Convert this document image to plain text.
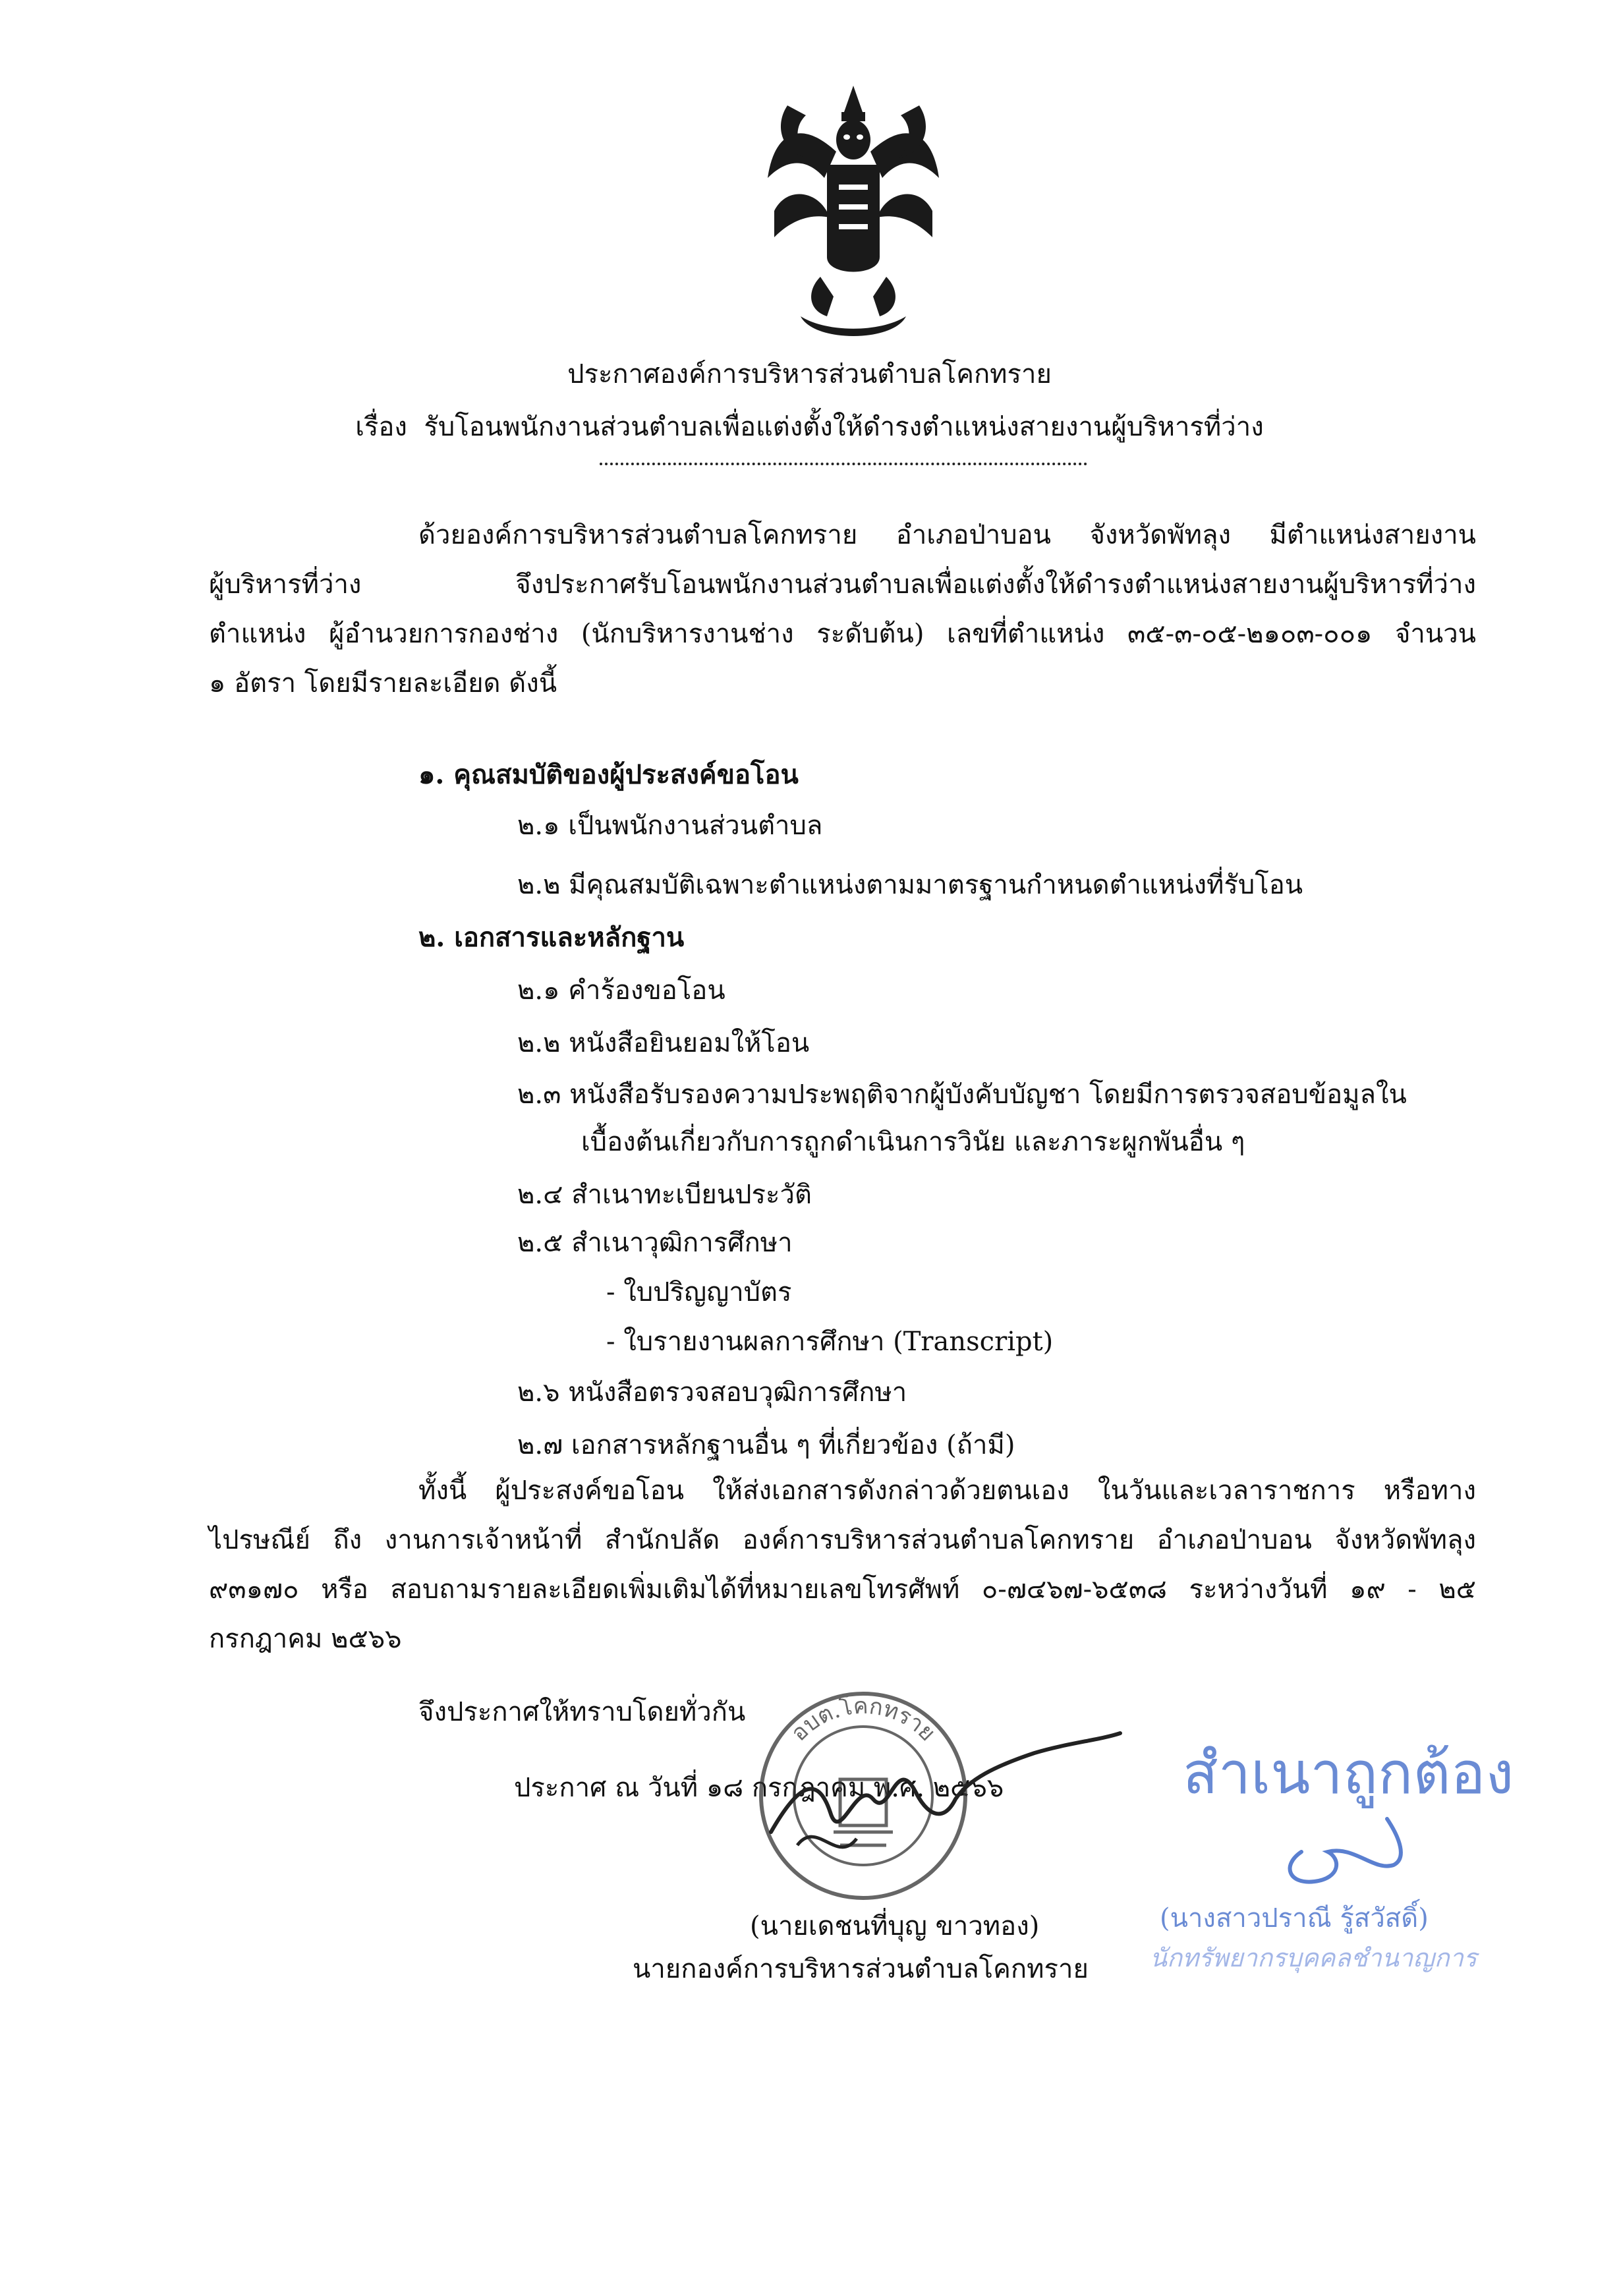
ประกาศองค์การบริหารส่วนตำบลโคกทราย
เรื่อง รับโอนพนักงานส่วนตำบลเพื่อแต่งตั้งให้ดำรงตำแหน่งสายงานผู้บริหารที่ว่าง
ด้วยองค์การบริหารส่วนตำบลโคกทราย อำเภอป่าบอน จังหวัดพัทลุง มีตำแหน่งสายงาน
ผู้บริหารที่ว่าง จึงประกาศรับโอนพนักงานส่วนตำบลเพื่อแต่งตั้งให้ดำรงตำแหน่งสายงานผู้บริหารที่ว่าง
ตำแหน่ง ผู้อำนวยการกองช่าง (นักบริหารงานช่าง ระดับต้น) เลขที่ตำแหน่ง ๓๕-๓-๐๕-๒๑๐๓-๐๐๑ จำนวน
๑ อัตรา โดยมีรายละเอียด ดังนี้
๑. คุณสมบัติของผู้ประสงค์ขอโอน
๒.๑ เป็นพนักงานส่วนตำบล
๒.๒ มีคุณสมบัติเฉพาะตำแหน่งตามมาตรฐานกำหนดตำแหน่งที่รับโอน
๒. เอกสารและหลักฐาน
๒.๑ คำร้องขอโอน
๒.๒ หนังสือยินยอมให้โอน
๒.๓ หนังสือรับรองความประพฤติจากผู้บังคับบัญชา โดยมีการตรวจสอบข้อมูลใน
เบื้องต้นเกี่ยวกับการถูกดำเนินการวินัย และภาระผูกพันอื่น ๆ
๒.๔ สำเนาทะเบียนประวัติ
๒.๕ สำเนาวุฒิการศึกษา
- ใบปริญญาบัตร
- ใบรายงานผลการศึกษา (Transcript)
๒.๖ หนังสือตรวจสอบวุฒิการศึกษา
๒.๗ เอกสารหลักฐานอื่น ๆ ที่เกี่ยวข้อง (ถ้ามี)
ทั้งนี้ ผู้ประสงค์ขอโอน ให้ส่งเอกสารดังกล่าวด้วยตนเอง ในวันและเวลาราชการ หรือทาง
ไปรษณีย์ ถึง งานการเจ้าหน้าที่ สำนักปลัด องค์การบริหารส่วนตำบลโคกทราย อำเภอป่าบอน จังหวัดพัทลุง
๙๓๑๗๐ หรือ สอบถามรายละเอียดเพิ่มเติมได้ที่หมายเลขโทรศัพท์ ๐-๗๔๖๗-๖๕๓๘ ระหว่างวันที่ ๑๙ - ๒๕
กรกฎาคม ๒๕๖๖
จึงประกาศให้ทราบโดยทั่วกัน
ประกาศ ณ วันที่ ๑๘ กรกฎาคม พ.ศ. ๒๕๖๖
อบต.โคกทราย
(นายเดชนที่บุญ ขาวทอง)
นายกองค์การบริหารส่วนตำบลโคกทราย
สำเนาถูกต้อง
(นางสาวปราณี รู้สวัสดิ์)
นักทรัพยากรบุคคลชำนาญการ
